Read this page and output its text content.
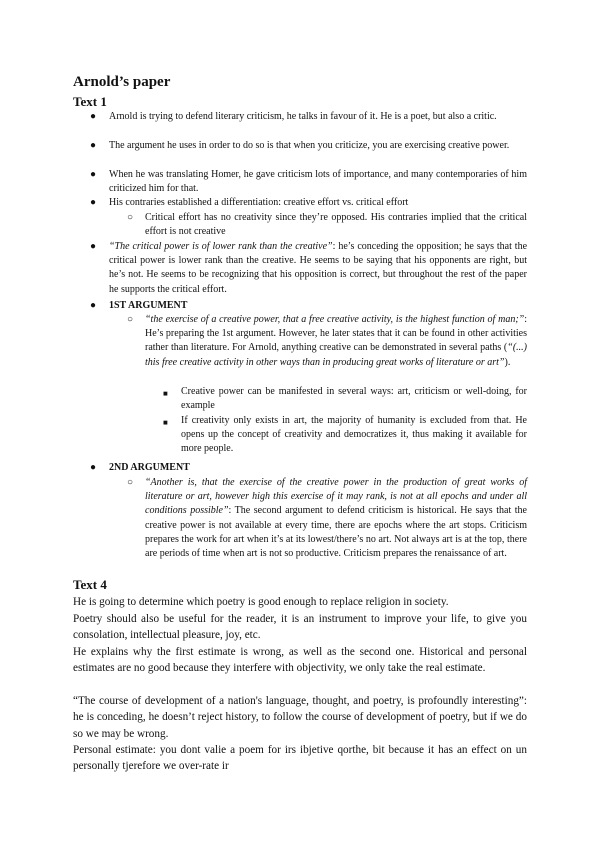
Arnold’s paper
Text 1
● Arnold is trying to defend literary criticism, he talks in favour of it. He is a poet, but also a critic.

● The argument he uses in order to do so is that when you criticize, you are exercising creative power.

● When he was translating Homer, he gave criticism lots of importance, and many contemporaries of him criticized him for that.

● His contraries established a differentiation: creative effort vs. critical effort

○ Critical effort has no creativity since they’re opposed. His contraries implied that the critical effort is not creative

● “The critical power is of lower rank than the creative”: he’s conceding the opposition; he says that the critical power is lower rank than the creative. He seems to be saying that his opponents are right, but he’s not. He seems to be recognizing that his opposition is correct, but throughout the rest of the paper he supports the critical effort.

● 1ST ARGUMENT
○ “the exercise of a creative power, that a free creative activity, is the highest function of man;”: He’s preparing the 1st argument. However, he later states that it can be found in other activities rather than literature. For Arnold, anything creative can be demonstrated in several paths (“(...) this free creative activity in other ways than in producing great works of literature or art”).

■ Creative power can be manifested in several ways: art, criticism or well-doing, for example

■ If creativity only exists in art, the majority of humanity is excluded from that. He opens up the concept of creativity and democratizes it, thus making it available for more people.

● 2ND ARGUMENT
○ “Another is, that the exercise of the creative power in the production of great works of literature or art, however high this exercise of it may rank, is not at all epochs and under all conditions possible”: The second argument to defend criticism is historical. He says that the creative power is not available at every time, there are epochs where the art stops. Criticism prepares the work for art when it’s at its lowest/there’s no art. Not always art is at the top, there are periods of time when art is not so productive. Criticism prepares the renaissance of art.

Text 4

He is going to determine which poetry is good enough to replace religion in society.

Poetry should also be useful for the reader, it is an instrument to improve your life, to give you consolation, intellectual pleasure, joy, etc.

He explains why the first estimate is wrong, as well as the second one. Historical and personal estimates are no good because they interfere with objectivity, we only take the real estimate.

“The course of development of a nation's language, thought, and poetry, is profoundly interesting”: he is conceding, he doesn’t reject history, to follow the course of development of poetry, but if we do so we may be wrong.

Personal estimate: you dont valie a poem for irs ibjetive qorthe, bit because it has an effect on un personally tjerefore we over-rate ir
